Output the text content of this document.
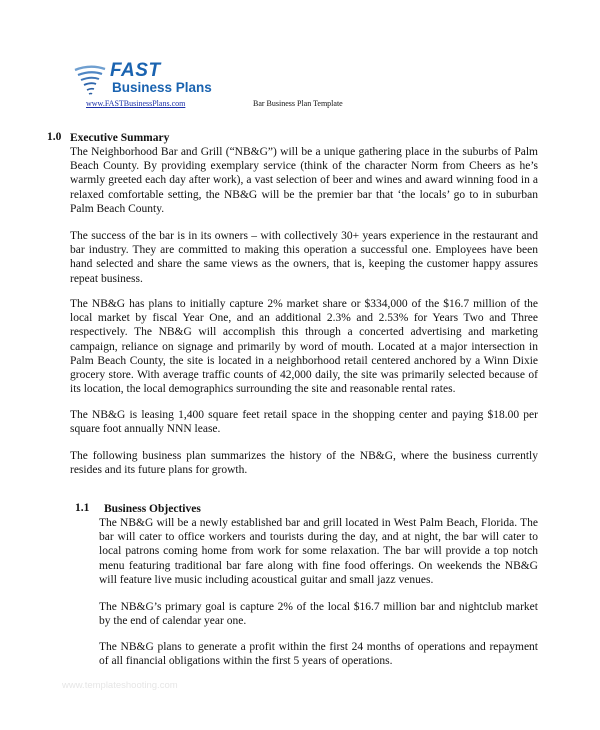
FAST
Business Plans
www.FASTBusinessPlans.com	Bar Business Plan Template
1.0 Executive Summary

The Neighborhood Bar and Grill (“NB&G”) will be a unique gathering place in the suburbs of Palm Beach County. By providing exemplary service (think of the character Norm from Cheers as he’s warmly greeted each day after work), a vast selection of beer and wines and award winning food in a relaxed comfortable setting, the NB&G will be the premier bar that ‘the locals’ go to in suburban Palm Beach County.

The success of the bar is in its owners – with collectively 30+ years experience in the restaurant and bar industry. They are committed to making this operation a successful one. Employees have been hand selected and share the same views as the owners, that is, keeping the customer happy assures repeat business.

The NB&G has plans to initially capture 2% market share or $334,000 of the $16.7 million of the local market by fiscal Year One, and an additional 2.3% and 2.53% for Years Two and Three respectively. The NB&G will accomplish this through a concerted advertising and marketing campaign, reliance on signage and primarily by word of mouth. Located at a major intersection in Palm Beach County, the site is located in a neighborhood retail centered anchored by a Winn Dixie grocery store. With average traffic counts of 42,000 daily, the site was primarily selected because of its location, the local demographics surrounding the site and reasonable rental rates.

The NB&G is leasing 1,400 square feet retail space in the shopping center and paying $18.00 per square foot annually NNN lease.

The following business plan summarizes the history of the NB&G, where the business currently resides and its future plans for growth.

1.1 Business Objectives

The NB&G will be a newly established bar and grill located in West Palm Beach, Florida. The bar will cater to office workers and tourists during the day, and at night, the bar will cater to local patrons coming home from work for some relaxation. The bar will provide a top notch menu featuring traditional bar fare along with fine food offerings. On weekends the NB&G will feature live music including acoustical guitar and small jazz venues.

The NB&G’s primary goal is capture 2% of the local $16.7 million bar and nightclub market by the end of calendar year one.

The NB&G plans to generate a profit within the first 24 months of operations and repayment of all financial obligations within the first 5 years of operations.

www.templateshooting.com
